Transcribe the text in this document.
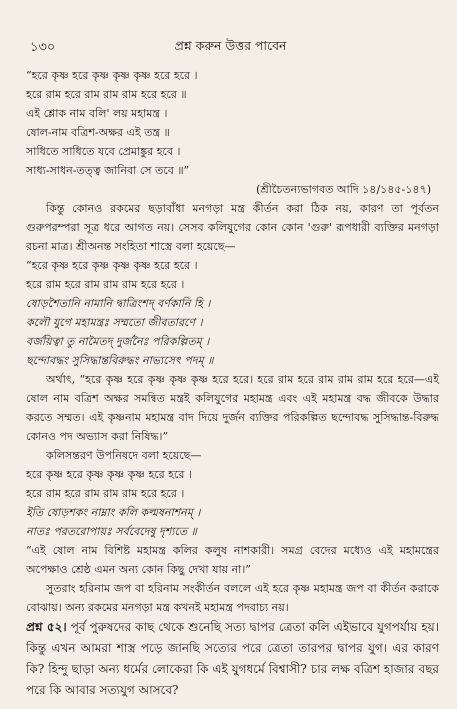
১৩০	প্রশ্ন করুন উত্তর পাবেন
“হরে কৃষ্ণ হরে কৃষ্ণ কৃষ্ণ কৃষ্ণ হরে হরে ।
হরে রাম হরে রাম রাম রাম হরে হরে ॥
এই শ্লোক নাম বলি' লয় মহামন্ত্র ।
ষোল-নাম বত্রিশ-অক্ষর এই তন্ত্র ॥
সাধিতে সাধিতে যবে প্রেমাঙ্কুর হবে ।
সাধ্য-সাধন-তত্ত্ব জানিবা সে তবে ॥”

(শ্রীচৈতন্যভাগবত আদি ১৪/১৪৫-১৪৭)

কিন্তু কোনও রকমের ছড়াবাঁধা মনগড়া মন্ত্র কীর্তন করা ঠিক নয়, কারণ তা পূর্বতন গুরুপরম্পরা সূত্র ধরে আগত নয়। সেসব কলিযুগের কোন কোন 'গুরু' রূপধারী ব্যক্তির মনগড়া রচনা মাত্র। শ্রীঅনন্ত সংহিতা শাস্ত্রে বলা হয়েছে—

“হরে কৃষ্ণ হরে কৃষ্ণ কৃষ্ণ কৃষ্ণ হরে হরে ।
হরে রাম হরে রাম রাম রাম হরে হরে ।
ষোড়শৈতানি নামানি দ্বাত্রিংশদ্ বর্ণকানি হি ।
কলৌ যুগে মহামন্ত্রঃ সম্মতো জীবতারণে ।
বর্জয়িত্বা তু নামৈতদ্ দুর্জনৈঃ পরিকল্পিতম্ ।
ছন্দোবদ্ধং সুসিদ্ধান্তবিরুদ্ধং নাভ্যসেৎ পদম্ ॥

অর্থাৎ, “হরে কৃষ্ণ হরে কৃষ্ণ কৃষ্ণ কৃষ্ণ হরে হরে। হরে রাম হরে রাম রাম রাম হরে হরে—এই ষোল নাম বত্রিশ অক্ষর সমন্বিত মন্ত্রই কলিযুগের মহামন্ত্র এবং এই মহামন্ত্র বদ্ধ জীবকে উদ্ধার করতে সম্মত। এই কৃষ্ণনাম মহামন্ত্র বাদ দিয়ে দুর্জন ব্যক্তির পরিকল্পিত ছন্দোবদ্ধ সুসিদ্ধান্ত-বিরুদ্ধ কোনও পদ অভ্যাস করা নিষিদ্ধ।”

কলিসন্তরণ উপনিষদে বলা হয়েছে—

হরে কৃষ্ণ হরে কৃষ্ণ কৃষ্ণ কৃষ্ণ হরে হরে ।
হরে রাম হরে রাম রাম রাম হরে হরে ।
ইতি ষোড়শকং নাম্নাং কলি কল্মষনাশনম্ ।
নাতঃ পরতরোপায়ঃ সর্ববেদেষু দৃশ্যতে ॥

“এই ষোল নাম বিশিষ্ট মহামন্ত্র কলির কলুষ নাশকারী। সমগ্র বেদের মধ্যেও এই মহামন্ত্রের অপেক্ষাও শ্রেষ্ঠ এমন অন্য কোন কিছু দেখা যায় না।”

সুতরাং হরিনাম জপ বা হরিনাম সংকীর্তন বললে এই হরে কৃষ্ণ মহামন্ত্র জপ বা কীর্তন করাকে বোঝায়। অন্য রকমের মনগড়া মন্ত্র কখনই মহামন্ত্র পদবাচ্য নয়।

প্রশ্ন ৫২। পূর্ব পুরুষদের কাছ থেকে শুনেছি সত্য দ্বাপর ত্রেতা কলি এইভাবে যুগপর্যায় হয়। কিন্তু এখন আমরা শাস্ত্র পড়ে জানছি সত্যের পরে ত্রেতা তারপর দ্বাপর যুগ। এর কারণ কি? হিন্দু ছাড়া অন্য ধর্মের লোকেরা কি এই যুগধর্মে বিশ্বাসী? চার লক্ষ বত্রিশ হাজার বছর পরে কি আবার সত্যযুগ আসবে?
